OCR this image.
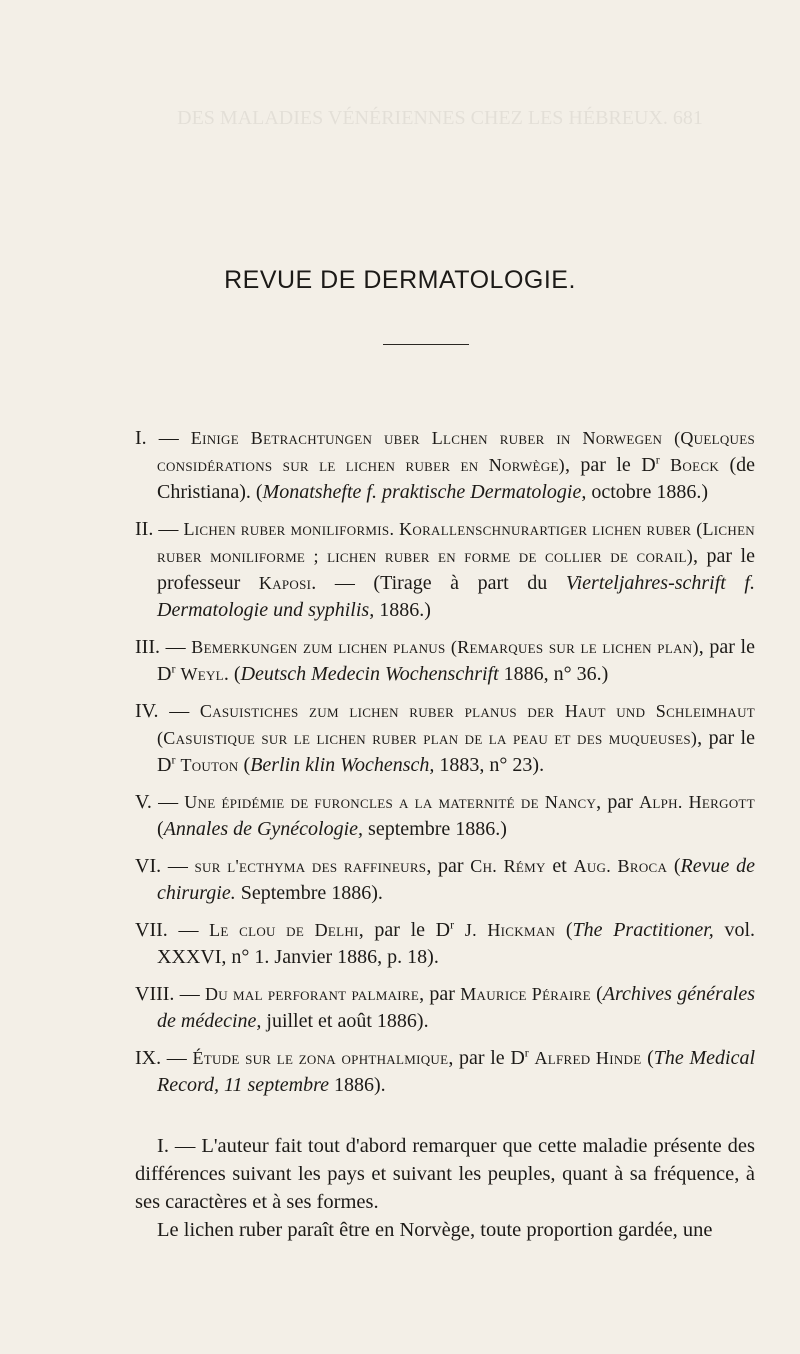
DES MALADIES VÉNÉRIENNES CHEZ LES HÉBREUX. 681
REVUE DE DERMATOLOGIE.
I. — Einige Betrachtungen uber Llchen ruber in Norwegen (Quelques considérations sur le lichen ruber en Norwège), par le $D^r$ Boeck (de Christiana). (Monatshefte f. praktische Dermatologie, octobre 1886.)
II. — Lichen ruber moniliformis. Korallenschnurartiger lichen ruber (Lichen ruber moniliforme ; lichen ruber en forme de collier de corail), par le professeur Kaposi. — (Tirage à part du Vierteljahres-schrift f. Dermatologie und syphilis, 1886.)
III. — Bemerkungen zum lichen planus (Remarques sur le lichen plan), par le $D^r$ Weyl. (Deutsch Medecin Wochenschrift 1886, n° 36.)
IV. — Casuistiches zum lichen ruber planus der Haut und Schleimhaut (Casuistique sur le lichen ruber plan de la peau et des muqueuses), par le $D^r$ Touton (Berlin klin Wochensch, 1883, n° 23).
V. — Une épidémie de furoncles a la maternité de Nancy, par Alph. Hergott (Annales de Gynécologie, septembre 1886.)
VI. — sur l'ecthyma des raffineurs, par Ch. Rémy et Aug. Broca (Revue de chirurgie. Septembre 1886).
VII. — Le clou de Delhi, par le $D^r$ J. Hickman (The Practitioner, vol. XXXVI, n° 1. Janvier 1886, p. 18).
VIII. — Du mal perforant palmaire, par Maurice Péraire (Archives générales de médecine, juillet et août 1886).
IX. — Étude sur le zona ophthalmique, par le $D^r$ Alfred Hinde (The Medical Record, 11 septembre 1886).

I. — L'auteur fait tout d'abord remarquer que cette maladie présente des différences suivant les pays et suivant les peuples, quant à sa fréquence, à ses caractères et à ses formes.

Le lichen ruber paraît être en Norvège, toute proportion gardée, une
